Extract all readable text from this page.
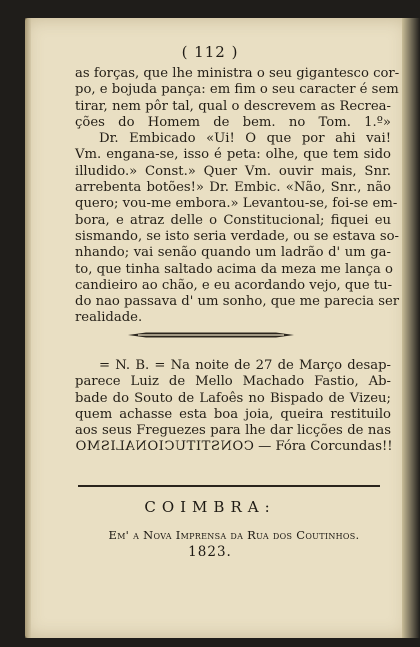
( 112 )
as forças, que lhe ministra o seu gigantesco cor-
po, e bojuda pança: em fim o seu caracter é sem
tirar, nem pôr tal, qual o descrevem as Recrea-
ções do Homem de bem. no Tom. 1.º»
Dr. Embicado «Ui! O que por ahi vai!
Vm. engana-se, isso é peta: olhe, que tem sido
illudido.» Const.» Quer Vm. ouvir mais, Snr.
arrebenta botões!» Dr. Embic. «Não, Snr., não
quero; vou-me embora.» Levantou-se, foi-se em-
bora, e atraz delle o Constitucional; fiquei eu
sismando, se isto seria verdade, ou se estava so-
nhando; vai senão quando um ladrão d' um ga-
to, que tinha saltado acima da meza me lança o
candieiro ao chão, e eu acordando vejo, que tu-
do nao passava d' um sonho, que me parecia ser
realidade.
= N. B. = Na noite de 27 de Março desap-
parece Luiz de Mello Machado Fastio, Ab-
bade do Souto de Lafoês no Bispado de Vizeu;
quem achasse esta boa joia, queira restituilo
aos seus Freguezes para lhe dar licções de nas
CONSTITUCIONALISMO — Fóra Corcundas!!
COIMBRA:
Em' a Nova Imprensa da Rua dos Coutinhos.
1823.
